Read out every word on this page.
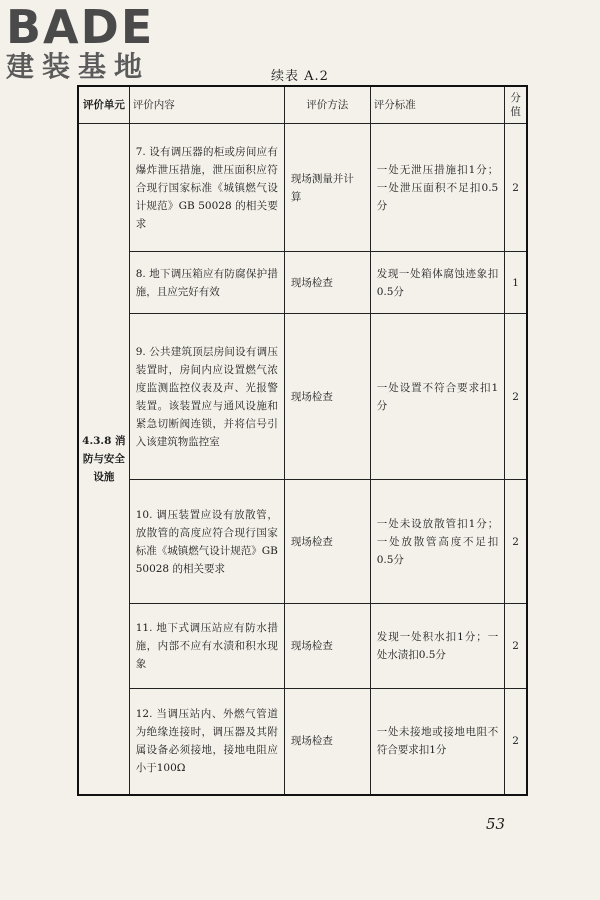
BADE
建装基地	续表 A.2
评价单元	评价内容	评价方法	评分标准	分值
4.3.8 消防与安全设施	7. 设有调压器的柜或房间应有爆炸泄压措施，泄压面积应符合现行国家标准《城镇燃气设计规范》GB 50028 的相关要求	现场测量并计算	一处无泄压措施扣1分；一处泄压面积不足扣0.5分	2
	8. 地下调压箱应有防腐保护措施，且应完好有效	现场检查	发现一处箱体腐蚀迹象扣0.5分	1
	9. 公共建筑顶层房间设有调压装置时，房间内应设置燃气浓度监测监控仪表及声、光报警装置。该装置应与通风设施和紧急切断阀连锁，并将信号引入该建筑物监控室	现场检查	一处设置不符合要求扣1分	2
	10. 调压装置应设有放散管，放散管的高度应符合现行国家标准《城镇燃气设计规范》GB 50028 的相关要求	现场检查	一处未设放散管扣1分；一处放散管高度不足扣0.5分	2
	11. 地下式调压站应有防水措施，内部不应有水渍和积水现象	现场检查	发现一处积水扣1分；一处水渍扣0.5分	2
	12. 当调压站内、外燃气管道为绝缘连接时，调压器及其附属设备必须接地，接地电阻应小于100Ω	现场检查	一处未接地或接地电阻不符合要求扣1分	2
53
